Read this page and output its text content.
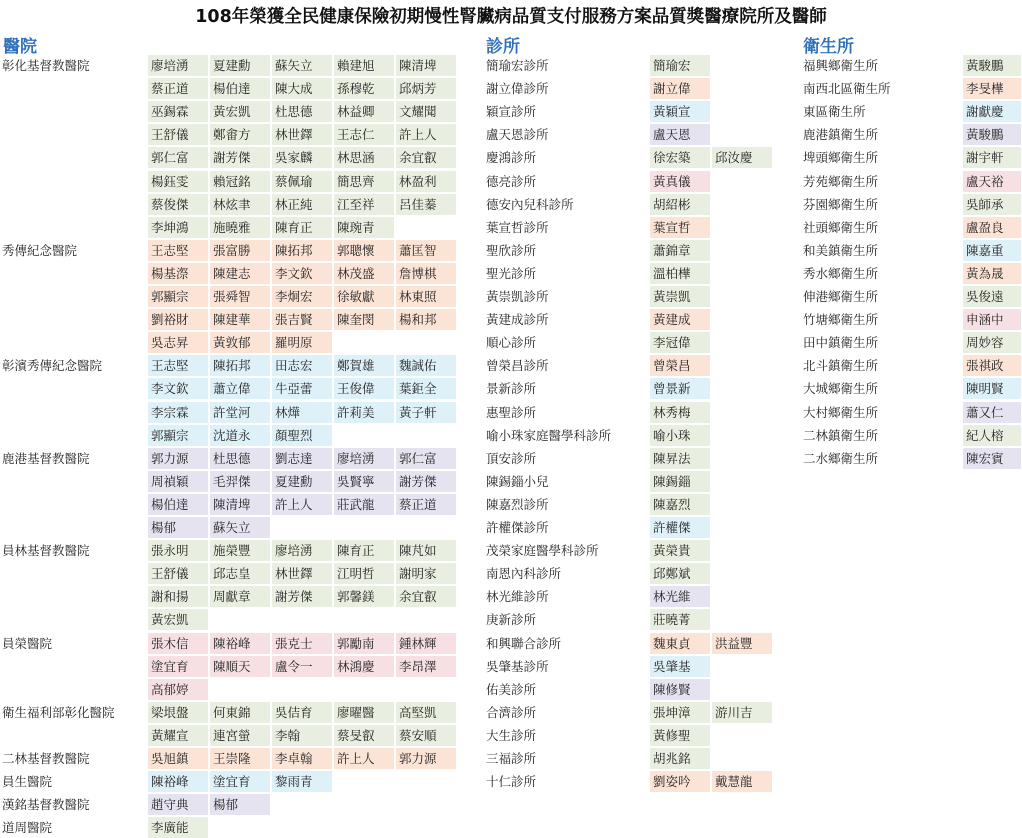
108年榮獲全民健康保險初期慢性腎臟病品質支付服務方案品質獎醫療院所及醫師
醫院	診所	衛生所
彰化基督教醫院	廖培湧	夏建勳	蘇矢立	賴建旭	陳清埤
蔡正道	楊伯達	陳大成	孫穆乾	邱炳芳
巫錫霖	黃宏凱	杜思德	林益卿	文耀聞
王舒儀	鄭畬方	林世鐸	王志仁	許上人
郭仁富	謝芳傑	吳家麟	林思涵	余宜叡
楊鈺雯	賴冠銘	蔡佩瑜	簡思齊	林盈利
蔡俊傑	林炫聿	林正純	江至祥	呂佳蓁
李坤鴻	施曉雅	陳育正	陳琬青
秀傳紀念醫院	王志堅	張富勝	陳拓邦	郭聰懷	蕭匡智
楊基漈	陳建志	李文欽	林茂盛	詹博棋
郭顯宗	張舜智	李炯宏	徐敏獻	林東照
劉裕財	陳建華	張吉賢	陳奎閔	楊和邦
吳志昇	黃敦郁	羅明原
彰濱秀傳紀念醫院	王志堅	陳拓邦	田志宏	鄭賀雄	魏誠佑
李文欽	蕭立偉	牛亞蕾	王俊偉	葉鉅全
李宗霖	許堂河	林燁	許莉美	黃子軒
郭顯宗	沈道永	顏聖烈
鹿港基督教醫院	郭力源	杜思德	劉志達	廖培湧	郭仁富
周禎穎	毛羿傑	夏建勳	吳賢寧	謝芳傑
楊伯達	陳清埤	許上人	莊武龍	蔡正道
楊郁	蘇矢立
員林基督教醫院	張永明	施榮豐	廖培湧	陳育正	陳芃如
王舒儀	邱志皇	林世鐸	江明哲	謝明家
謝和揚	周獻章	謝芳傑	郭馨鎂	余宜叡
黃宏凱
員榮醫院	張木信	陳裕峰	張克士	郭勵南	鍾林輝
塗宜育	陳順天	盧令一	林鴻慶	李昂澤
高郁婷
衛生福利部彰化醫院	梁垠盤	何東錦	吳佶育	廖曜醫	高堅凱
黃耀宣	連宮螢	李翰	蔡旻叡	蔡安順
二林基督教醫院	吳旭鎮	王崇隆	李卓翰	許上人	郭力源
員生醫院	陳裕峰	塗宜育	黎雨青
漢銘基督教醫院	趙守典	楊郁
道周醫院	李廣能
簡瑜宏診所	簡瑜宏
謝立偉診所	謝立偉
穎宣診所	黃穎宣
盧天恩診所	盧天恩
慶鴻診所	徐宏築	邱汝慶
德亮診所	黃真儀
德安內兒科診所	胡紹彬
葉宣哲診所	葉宣哲
聖欣診所	蕭錦章
聖光診所	溫柏樺
黃崇凱診所	黃崇凱
黃建成診所	黃建成
順心診所	李冠偉
曾榮昌診所	曾榮昌
景新診所	曾景新
惠聖診所	林秀梅
喻小珠家庭醫學科診所	喻小珠
頂安診所	陳昇法
陳錫錙小兒	陳錫錙
陳嘉烈診所	陳嘉烈
許權傑診所	許權傑
茂榮家庭醫學科診所	黃榮貴
南恩內科診所	邱鄭斌
林光維診所	林光維
庚新診所	莊曉菁
和興聯合診所	魏東貞	洪益豐
吳肇基診所	吳肇基
佑美診所	陳修賢
合濟診所	張坤漳	游川吉
大生診所	黃修聖
三福診所	胡兆銘
十仁診所	劉姿吟	戴慧龍
福興鄉衛生所	黃駿鵬
南西北區衛生所	李旻樺
東區衛生所	謝獻慶
鹿港鎮衛生所	黃駿鵬
埤頭鄉衛生所	謝宇軒
芳苑鄉衛生所	盧天裕
芬園鄉衛生所	吳師承
社頭鄉衛生所	盧盈良
和美鎮衛生所	陳嘉重
秀水鄉衛生所	黃為晟
伸港鄉衛生所	吳俊遠
竹塘鄉衛生所	申涵中
田中鎮衛生所	周妙容
北斗鎮衛生所	張祺政
大城鄉衛生所	陳明賢
大村鄉衛生所	蕭又仁
二林鎮衛生所	紀人榕
二水鄉衛生所	陳宏賓
